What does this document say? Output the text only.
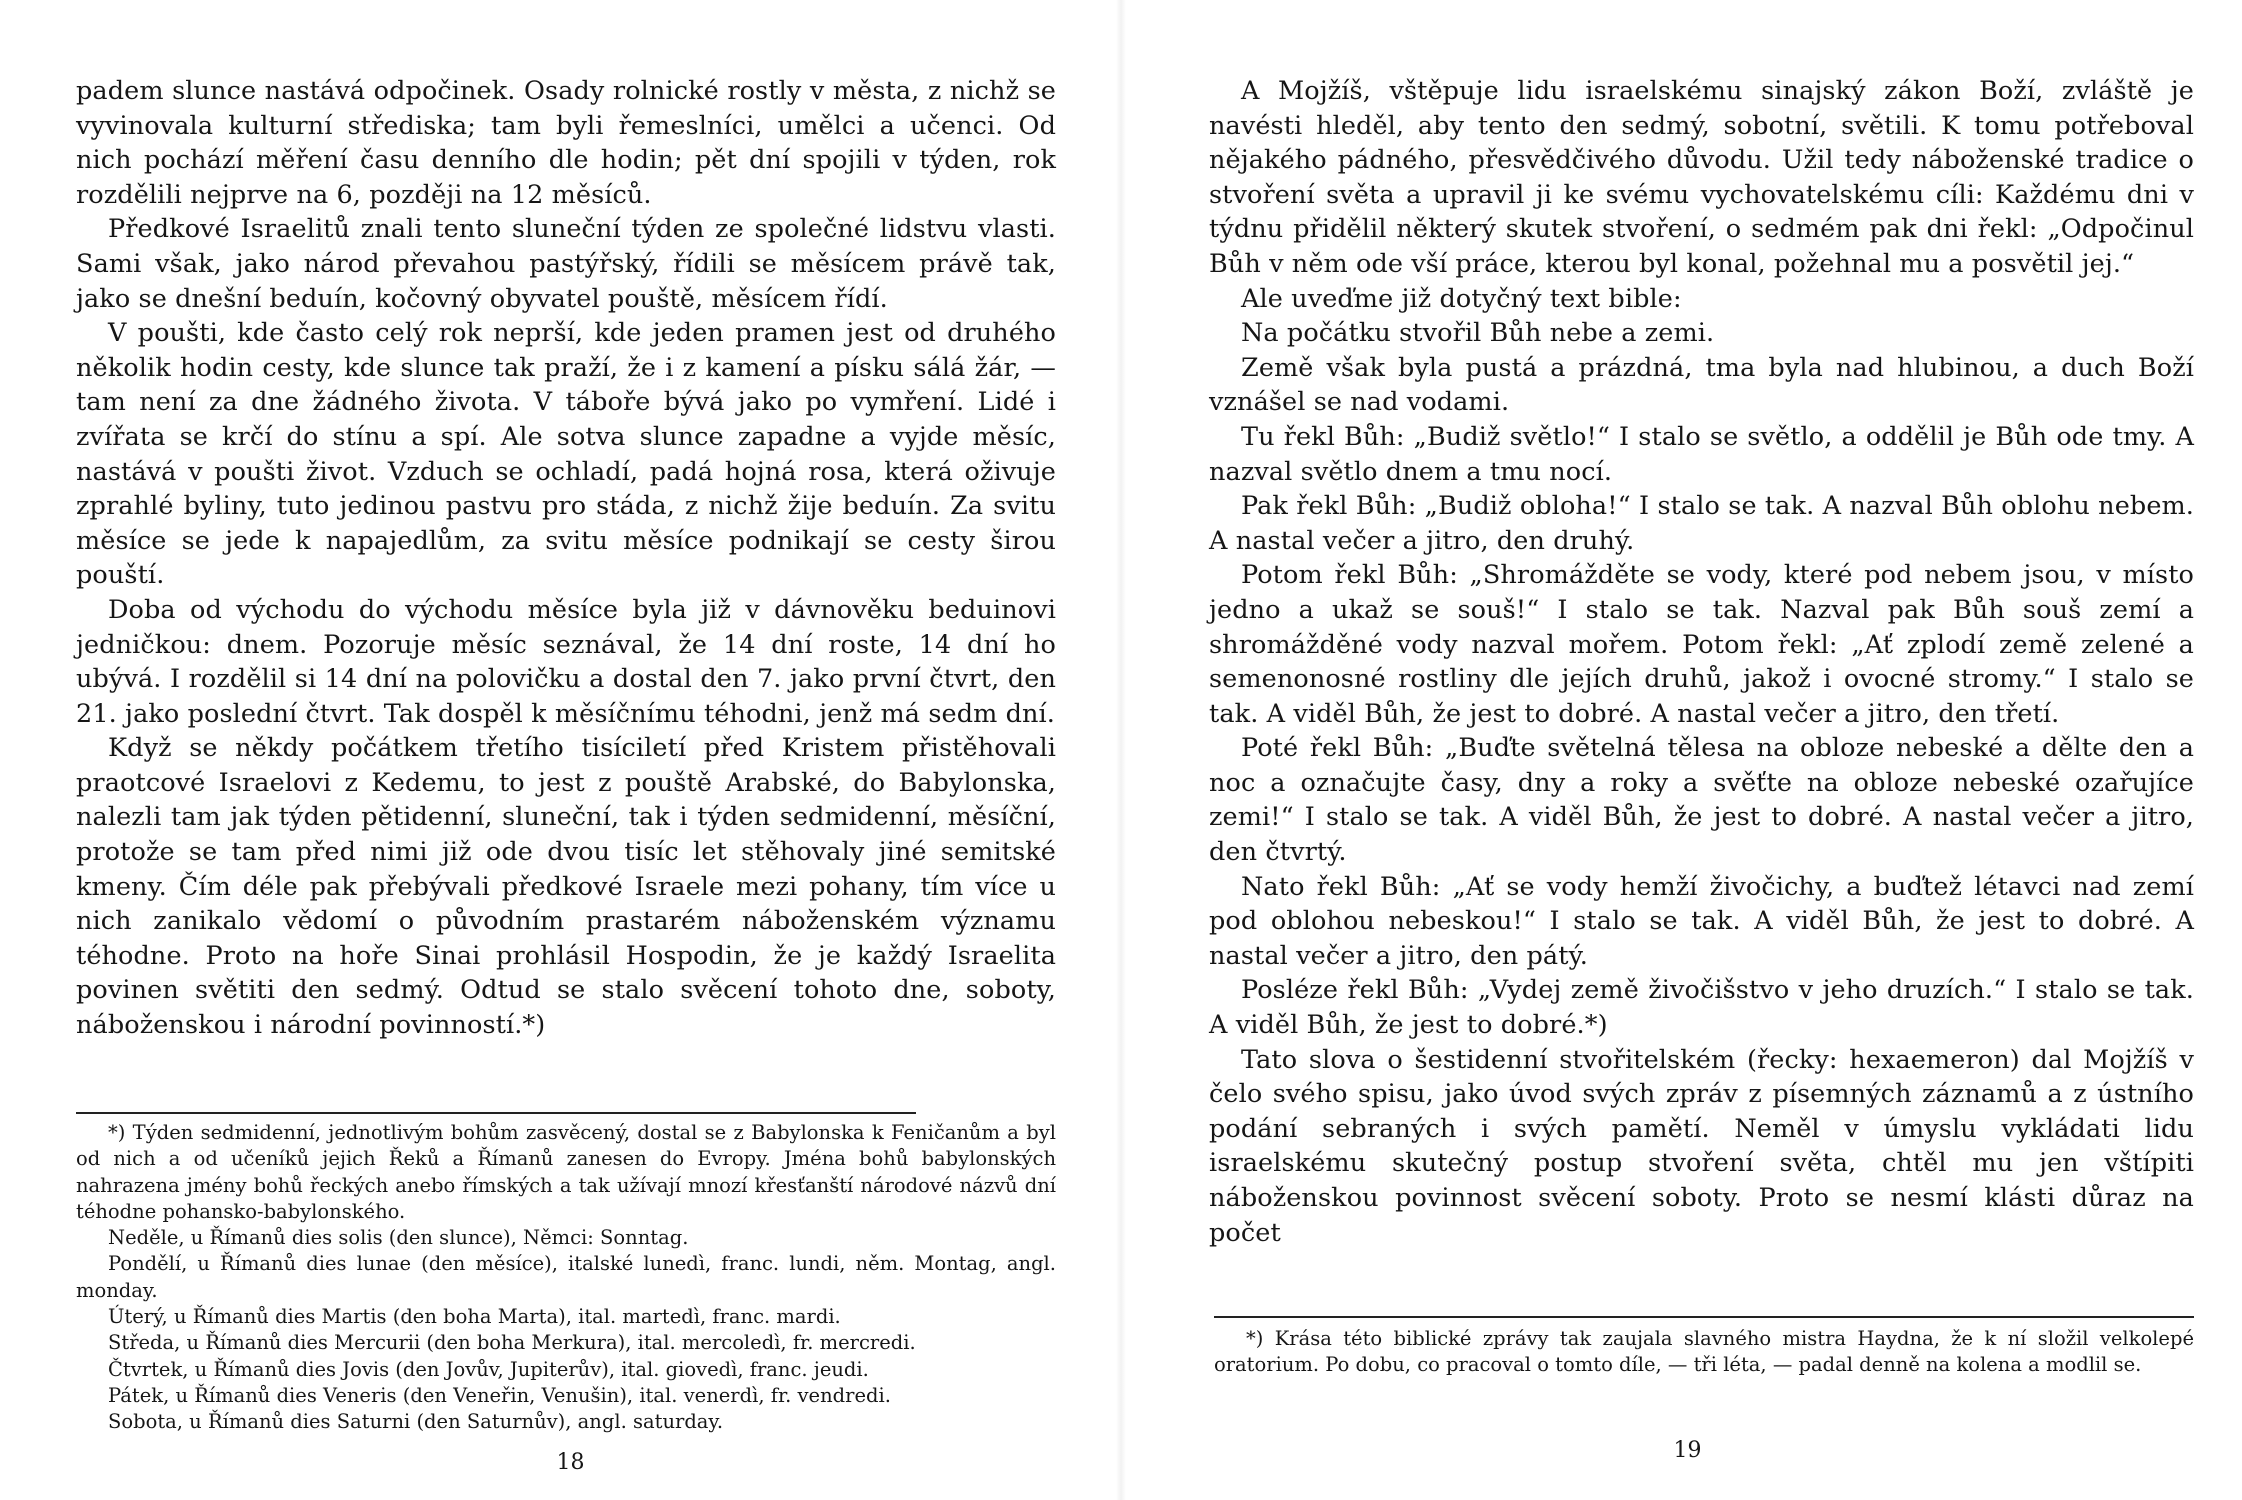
padem slunce nastává odpočinek. Osady rolnické rostly v města, z nichž se vyvinovala kulturní střediska; tam byli řemeslníci, umělci a učenci. Od nich pochází měření času denního dle hodin; pět dní spojili v týden, rok rozdělili nejprve na 6, později na 12 měsíců.

Předkové Israelitů znali tento sluneční týden ze společné lidstvu vlasti. Sami však, jako národ převahou pastýřský, řídili se měsícem právě tak, jako se dnešní beduín, kočovný obyvatel pouště, měsícem řídí.

V poušti, kde často celý rok neprší, kde jeden pramen jest od druhého několik hodin cesty, kde slunce tak praží, že i z kamení a písku sálá žár, — tam není za dne žádného života. V táboře bývá jako po vymření. Lidé i zvířata se krčí do stínu a spí. Ale sotva slunce zapadne a vyjde měsíc, nastává v poušti život. Vzduch se ochladí, padá hojná rosa, která oživuje zprahlé byliny, tuto jedinou pastvu pro stáda, z nichž žije beduín. Za svitu měsíce se jede k napajedlům, za svitu měsíce podnikají se cesty širou pouští.

Doba od východu do východu měsíce byla již v dávnověku beduinovi jedničkou: dnem. Pozoruje měsíc seznával, že 14 dní roste, 14 dní ho ubývá. I rozdělil si 14 dní na polovičku a dostal den 7. jako první čtvrt, den 21. jako poslední čtvrt. Tak dospěl k měsíčnímu téhodni, jenž má sedm dní.

Když se někdy počátkem třetího tisíciletí před Kristem přistěhovali praotcové Israelovi z Kedemu, to jest z pouště Arabské, do Babylonska, nalezli tam jak týden pětidenní, sluneční, tak i týden sedmidenní, měsíční, protože se tam před nimi již ode dvou tisíc let stěhovaly jiné semitské kmeny. Čím déle pak přebývali předkové Israele mezi pohany, tím více u nich zanikalo vědomí o původním prastarém náboženském významu téhodne. Proto na hoře Sinai prohlásil Hospodin, že je každý Israelita povinen světiti den sedmý. Odtud se stalo svěcení tohoto dne, soboty, náboženskou i národní povinností.*)

*) Týden sedmidenní, jednotlivým bohům zasvěcený, dostal se z Babylonska k Feničanům a byl od nich a od učeníků jejich Řeků a Římanů zanesen do Evropy. Jména bohů babylonských nahrazena jmény bohů řeckých anebo římských a tak užívají mnozí křesťanští národové názvů dní téhodne pohansko-babylonského.

Neděle, u Římanů dies solis (den slunce), Němci: Sonntag.

Pondělí, u Římanů dies lunae (den měsíce), italské lunedì, franc. lundi, něm. Montag, angl. monday.

Úterý, u Římanů dies Martis (den boha Marta), ital. martedì, franc. mardi.

Středa, u Římanů dies Mercurii (den boha Merkura), ital. mercoledì, fr. mercredi.

Čtvrtek, u Římanů dies Jovis (den Jovův, Jupiterův), ital. giovedì, franc. jeudi.

Pátek, u Římanů dies Veneris (den Veneřin, Venušin), ital. venerdì, fr. vendredi.

Sobota, u Římanů dies Saturni (den Saturnův), angl. saturday.

18

A Mojžíš, vštěpuje lidu israelskému sinajský zákon Boží, zvláště je navésti hleděl, aby tento den sedmý, sobotní, světili. K tomu potřeboval nějakého pádného, přesvědčivého důvodu. Užil tedy náboženské tradice o stvoření světa a upravil ji ke svému vychovatelskému cíli: Každému dni v týdnu přidělil některý skutek stvoření, o sedmém pak dni řekl: „Odpočinul Bůh v něm ode vší práce, kterou byl konal, požehnal mu a posvětil jej.“

Ale uveďme již dotyčný text bible:

Na počátku stvořil Bůh nebe a zemi.

Země však byla pustá a prázdná, tma byla nad hlubinou, a duch Boží vznášel se nad vodami.

Tu řekl Bůh: „Budiž světlo!“ I stalo se světlo, a oddělil je Bůh ode tmy. A nazval světlo dnem a tmu nocí.

Pak řekl Bůh: „Budiž obloha!“ I stalo se tak. A nazval Bůh oblohu nebem. A nastal večer a jitro, den druhý.

Potom řekl Bůh: „Shromážděte se vody, které pod nebem jsou, v místo jedno a ukaž se souš!“ I stalo se tak. Nazval pak Bůh souš zemí a shromážděné vody nazval mořem. Potom řekl: „Ať zplodí země zelené a semenonosné rostliny dle jejích druhů, jakož i ovocné stromy.“ I stalo se tak. A viděl Bůh, že jest to dobré. A nastal večer a jitro, den třetí.

Poté řekl Bůh: „Buďte světelná tělesa na obloze nebeské a dělte den a noc a označujte časy, dny a roky a svěťte na obloze nebeské ozařujíce zemi!“ I stalo se tak. A viděl Bůh, že jest to dobré. A nastal večer a jitro, den čtvrtý.

Nato řekl Bůh: „Ať se vody hemží živočichy, a buďtež létavci nad zemí pod oblohou nebeskou!“ I stalo se tak. A viděl Bůh, že jest to dobré. A nastal večer a jitro, den pátý.

Posléze řekl Bůh: „Vydej země živočišstvo v jeho druzích.“ I stalo se tak. A viděl Bůh, že jest to dobré.*)

Tato slova o šestidenní stvořitelském (řecky: hexaemeron) dal Mojžíš v čelo svého spisu, jako úvod svých zpráv z písemných záznamů a z ústního podání sebraných i svých pamětí. Neměl v úmyslu vykládati lidu israelskému skutečný postup stvoření světa, chtěl mu jen vštípiti náboženskou povinnost svěcení soboty. Proto se nesmí klásti důraz na počet

*) Krása této biblické zprávy tak zaujala slavného mistra Haydna, že k ní složil velkolepé oratorium. Po dobu, co pracoval o tomto díle, — tři léta, — padal denně na kolena a modlil se.

19
